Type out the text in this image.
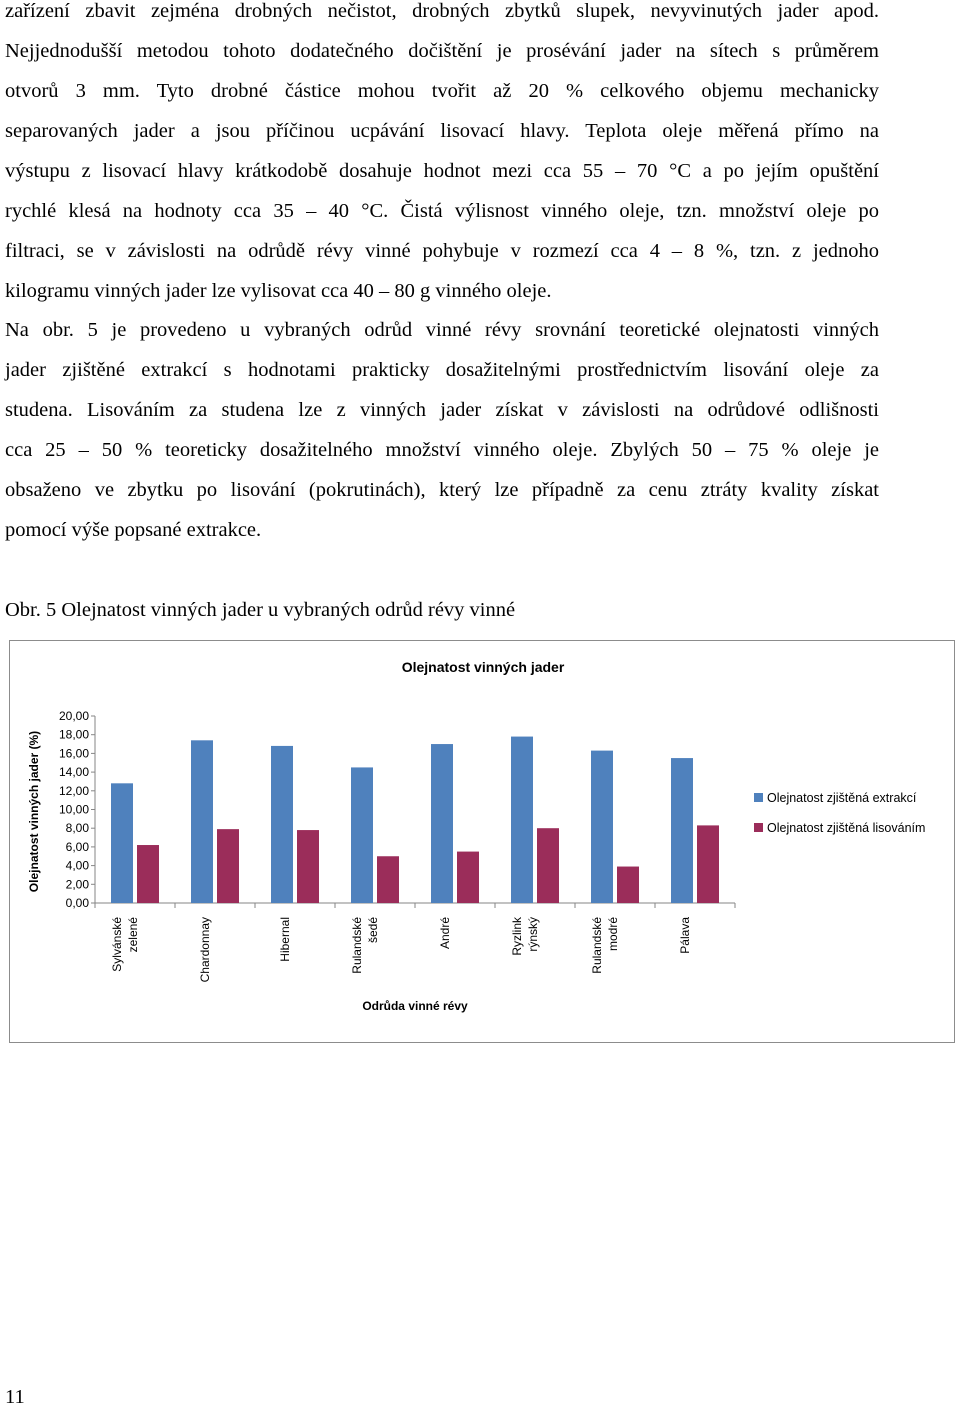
zařízení zbavit zejména drobných nečistot, drobných zbytků slupek, nevyvinutých jader apod.
Nejjednodušší metodou tohoto dodatečného dočištění je prosévání jader na sítech s průměrem
otvorů 3 mm. Tyto drobné částice mohou tvořit až 20 % celkového objemu mechanicky
separovaných jader a jsou příčinou ucpávání lisovací hlavy. Teplota oleje měřená přímo na
výstupu z lisovací hlavy krátkodobě dosahuje hodnot mezi cca 55 – 70 °C a po jejím opuštění
rychlé klesá na hodnoty cca 35 – 40 °C. Čistá výlisnost vinného oleje, tzn. množství oleje po
filtraci, se v závislosti na odrůdě révy vinné pohybuje v rozmezí cca 4 – 8 %, tzn. z jednoho
kilogramu vinných jader lze vylisovat cca 40 – 80 g vinného oleje.
Na obr. 5 je provedeno u vybraných odrůd vinné révy srovnání teoretické olejnatosti vinných
jader zjištěné extrakcí s hodnotami prakticky dosažitelnými prostřednictvím lisování oleje za
studena. Lisováním za studena lze z vinných jader získat v závislosti na odrůdové odlišnosti
cca 25 – 50 % teoreticky dosažitelného množství vinného oleje. Zbylých 50 – 75 % oleje je
obsaženo ve zbytku po lisování (pokrutinách), který lze případně za cenu ztráty kvality získat
pomocí výše popsané extrakce.

Obr. 5 Olejnatost vinných jader u vybraných odrůd révy vinné

Olejnatost vinných jader
0,00
2,00
4,00
6,00
8,00
10,00
12,00
14,00
16,00
18,00
20,00
Olejnatost vinných jader (%)
Sylvánské zelené	Chardonnay	Hibernal	Rulandské šedé	André	Ryzlink rýnský	Rulandské modré	Pálava
Odrůda vinné révy
Olejnatost zjištěná extrakcí
Olejnatost zjištěná lisováním

11
